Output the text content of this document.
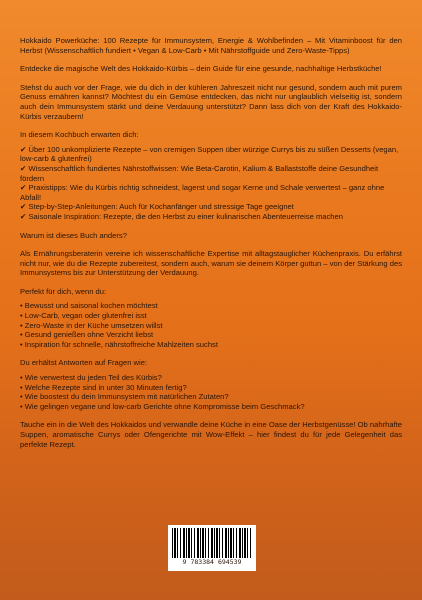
Hokkaido Powerküche: 100 Rezepte für Immunsystem, Energie & Wohlbefinden – Mit Vitaminboost für den Herbst (Wissenschaftlich fundiert • Vegan & Low-Carb • Mit Nährstoffguide und Zero-Waste-Tipps)

Entdecke die magische Welt des Hokkaido-Kürbis – dein Guide für eine gesunde, nachhaltige Herbstküche!

Stehst du auch vor der Frage, wie du dich in der kühleren Jahreszeit nicht nur gesund, sondern auch mit purem Genuss ernähren kannst? Möchtest du ein Gemüse entdecken, das nicht nur unglaublich vielseitig ist, sondern auch dein Immunsystem stärkt und deine Verdauung unterstützt? Dann lass dich von der Kraft des Hokkaido-Kürbis verzaubern!

In diesem Kochbuch erwarten dich:

✔ Über 100 unkomplizierte Rezepte – von cremigen Suppen über würzige Currys bis zu süßen Desserts (vegan, low-carb & glutenfrei)
✔ Wissenschaftlich fundiertes Nährstoffwissen: Wie Beta-Carotin, Kalium & Ballaststoffe deine Gesundheit fördern
✔ Praxistipps: Wie du Kürbis richtig schneidest, lagerst und sogar Kerne und Schale verwertest – ganz ohne Abfall!
✔ Step-by-Step-Anleitungen: Auch für Kochanfänger und stressige Tage geeignet
✔ Saisonale Inspiration: Rezepte, die den Herbst zu einer kulinarischen Abenteuerreise machen

Warum ist dieses Buch anders?

Als Ernährungsberaterin vereine ich wissenschaftliche Expertise mit alltagstauglicher Küchenpraxis. Du erfährst nicht nur, wie du die Rezepte zubereitest, sondern auch, warum sie deinem Körper guttun – von der Stärkung des Immunsystems bis zur Unterstützung der Verdauung.

Perfekt für dich, wenn du:

• Bewusst und saisonal kochen möchtest
• Low-Carb, vegan oder glutenfrei isst
• Zero-Waste in der Küche umsetzen willst
• Gesund genießen ohne Verzicht liebst
• Inspiration für schnelle, nährstoffreiche Mahlzeiten suchst

Du erhältst Antworten auf Fragen wie:

• Wie verwertest du jeden Teil des Kürbis?
• Welche Rezepte sind in unter 30 Minuten fertig?
• Wie boostest du dein Immunsystem mit natürlichen Zutaten?
• Wie gelingen vegane und low-carb Gerichte ohne Kompromisse beim Geschmack?

Tauche ein in die Welt des Hokkaidos und verwandle deine Küche in eine Oase der Herbstgenüsse! Ob nahrhafte Suppen, aromatische Currys oder Ofengerichte mit Wow-Effekt – hier findest du für jede Gelegenheit das perfekte Rezept.

9 783384 694539
